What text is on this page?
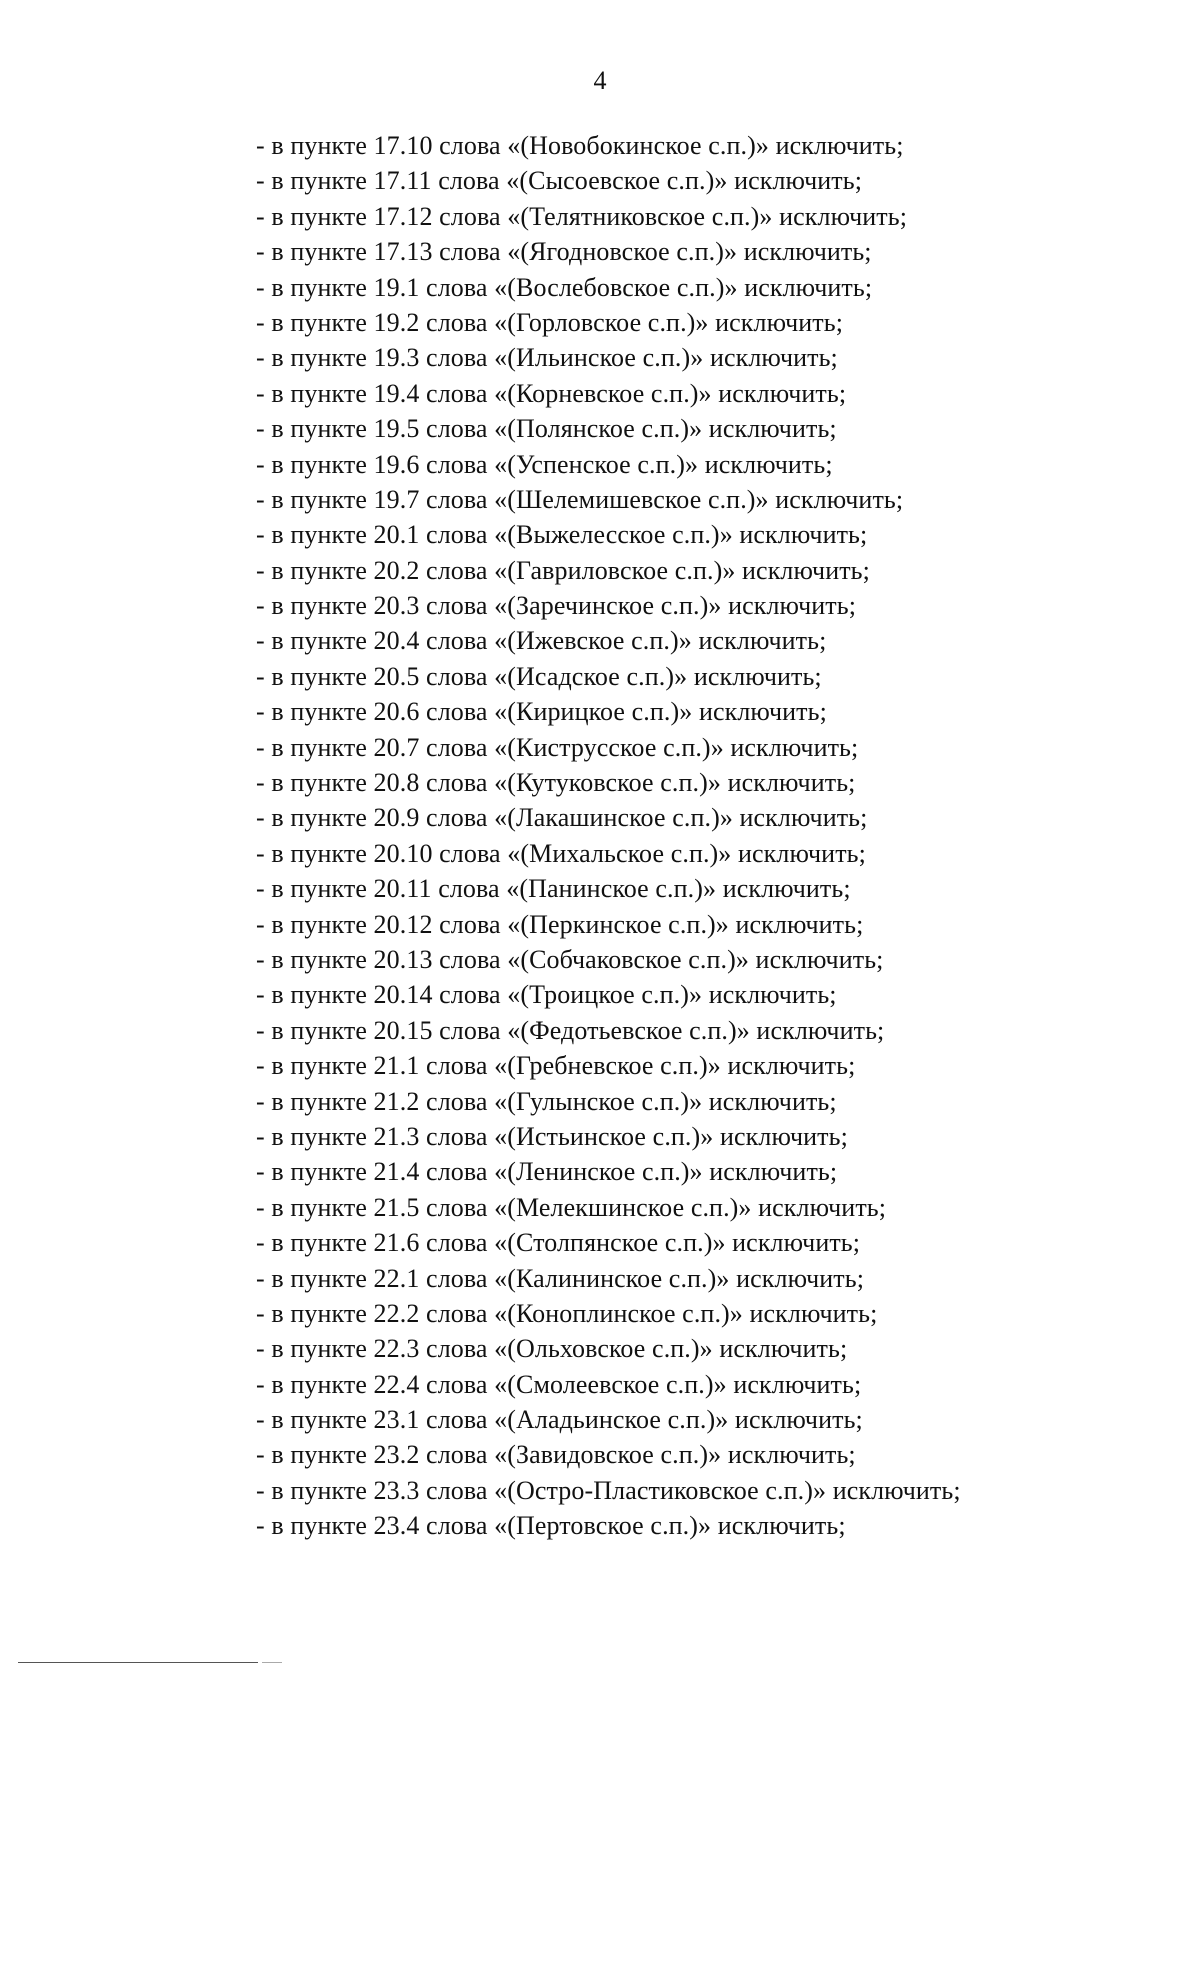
4
- в пункте 17.10 слова «(Новобокинское с.п.)» исключить;
- в пункте 17.11 слова «(Сысоевское с.п.)» исключить;
- в пункте 17.12 слова «(Телятниковское с.п.)» исключить;
- в пункте 17.13 слова «(Ягодновское с.п.)» исключить;
- в пункте 19.1 слова «(Вослебовское с.п.)» исключить;
- в пункте 19.2 слова «(Горловское с.п.)» исключить;
- в пункте 19.3 слова «(Ильинское с.п.)» исключить;
- в пункте 19.4 слова «(Корневское с.п.)» исключить;
- в пункте 19.5 слова «(Полянское с.п.)» исключить;
- в пункте 19.6 слова «(Успенское с.п.)» исключить;
- в пункте 19.7 слова «(Шелемишевское с.п.)» исключить;
- в пункте 20.1 слова «(Выжелесское с.п.)» исключить;
- в пункте 20.2 слова «(Гавриловское с.п.)» исключить;
- в пункте 20.3 слова «(Заречинское с.п.)» исключить;
- в пункте 20.4 слова «(Ижевское с.п.)» исключить;
- в пункте 20.5 слова «(Исадское с.п.)» исключить;
- в пункте 20.6 слова «(Кирицкое с.п.)» исключить;
- в пункте 20.7 слова «(Киструсское с.п.)» исключить;
- в пункте 20.8 слова «(Кутуковское с.п.)» исключить;
- в пункте 20.9 слова «(Лакашинское с.п.)» исключить;
- в пункте 20.10 слова «(Михальское с.п.)» исключить;
- в пункте 20.11 слова «(Панинское с.п.)» исключить;
- в пункте 20.12 слова «(Перкинское с.п.)» исключить;
- в пункте 20.13 слова «(Собчаковское с.п.)» исключить;
- в пункте 20.14 слова «(Троицкое с.п.)» исключить;
- в пункте 20.15 слова «(Федотьевское с.п.)» исключить;
- в пункте 21.1 слова «(Гребневское с.п.)» исключить;
- в пункте 21.2 слова «(Гулынское с.п.)» исключить;
- в пункте 21.3 слова «(Истьинское с.п.)» исключить;
- в пункте 21.4 слова «(Ленинское с.п.)» исключить;
- в пункте 21.5 слова «(Мелекшинское с.п.)» исключить;
- в пункте 21.6 слова «(Столпянское с.п.)» исключить;
- в пункте 22.1 слова «(Калининское с.п.)» исключить;
- в пункте 22.2 слова «(Коноплинское с.п.)» исключить;
- в пункте 22.3 слова «(Ольховское с.п.)» исключить;
- в пункте 22.4 слова «(Смолеевское с.п.)» исключить;
- в пункте 23.1 слова «(Аладьинское с.п.)» исключить;
- в пункте 23.2 слова «(Завидовское с.п.)» исключить;
- в пункте 23.3 слова «(Остро-Пластиковское с.п.)» исключить;
- в пункте 23.4 слова «(Пертовское с.п.)» исключить;
